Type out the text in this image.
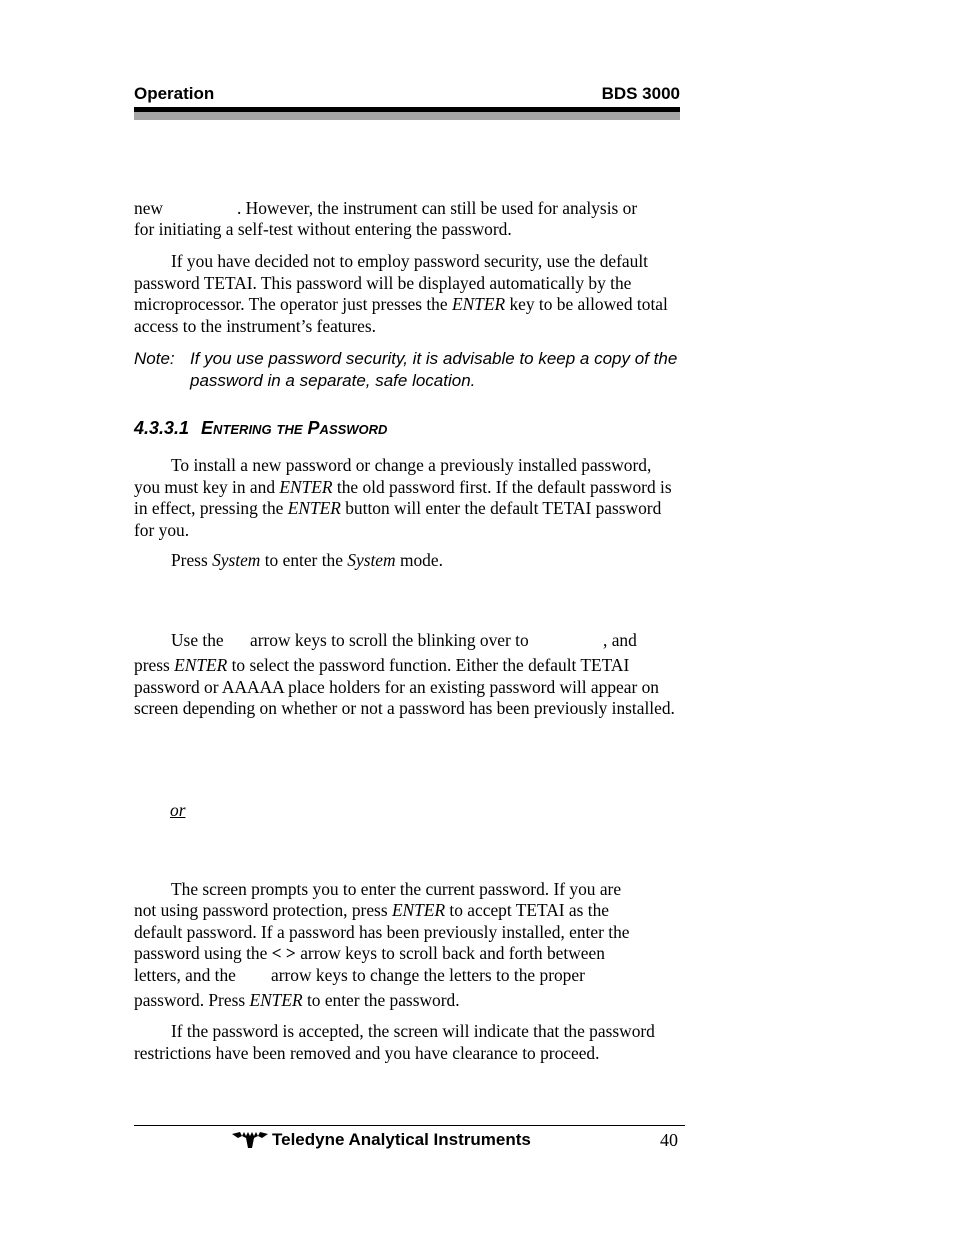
Operation	BDS 3000
new	. However, the instrument can still be used for analysis or
for initiating a self-test without entering the password.

If you have decided not to employ password security, use the default password TETAI. This password will be displayed automatically by the microprocessor. The operator just presses the ENTER key to be allowed total access to the instrument’s features.

Note: If you use password security, it is advisable to keep a copy of the password in a separate, safe location.
4.3.3.1 Entering the Password

To install a new password or change a previously installed password, you must key in and ENTER the old password first. If the default password is in effect, pressing the ENTER button will enter the default TETAI password for you.

Press System to enter the System mode.

Use the arrow keys to scroll the blinking over to	, and

press ENTER to select the password function. Either the default TETAI password or AAAAA place holders for an existing password will appear on screen depending on whether or not a password has been previously installed.

or
The screen prompts you to enter the current password. If you are
not using password protection, press ENTER to accept TETAI as the
default password. If a password has been previously installed, enter the
password using the < > arrow keys to scroll back and forth between
letters, and the arrow keys to change the letters to the proper
password. Press ENTER to enter the password.

If the password is accepted, the screen will indicate that the password restrictions have been removed and you have clearance to proceed.

Teledyne Analytical Instruments	40
